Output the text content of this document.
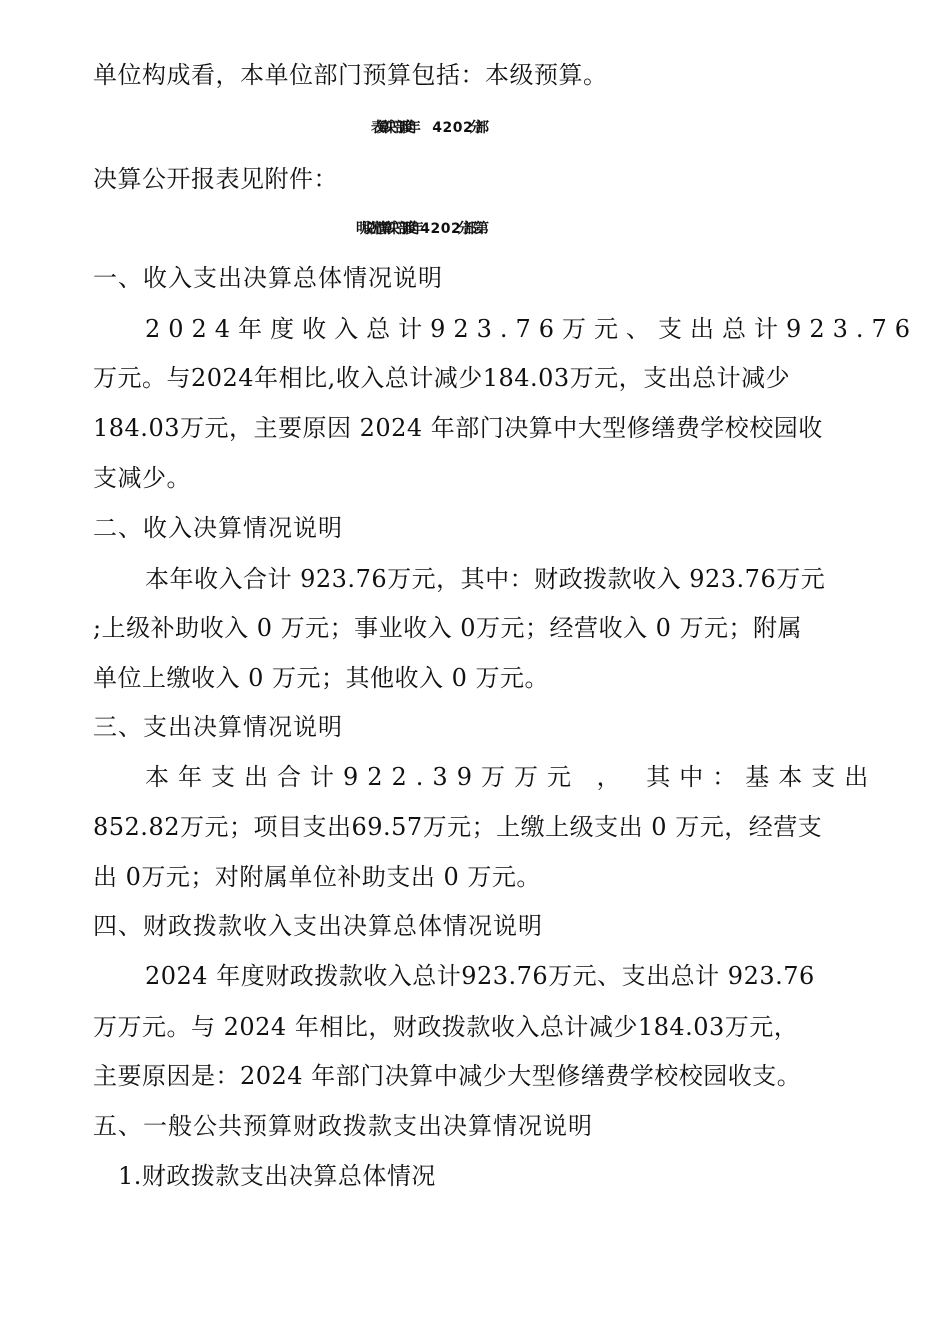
单位构成看，本单位部门预算包括：本级预算。
决算公开报表见附件：
一、收入支出决算总体情况说明
2024年度收入总计923.76万元、支出总计923.76
万元。与2024年相比,收入总计减少184.03万元，支出总计减少
184.03万元，主要原因 2024 年部门决算中大型修缮费学校校园收
支减少。
二、收入决算情况说明
本年收入合计 923.76万元，其中：财政拨款收入 923.76万元
;上级补助收入 0 万元；事业收入 0万元；经营收入 0 万元；附属
单位上缴收入 0 万元；其他收入 0 万元。
三、支出决算情况说明
本年支出合计922.39万万元 ， 其中：基本支出
852.82万元；项目支出69.57万元；上缴上级支出 0 万元，经营支
出 0万元；对附属单位补助支出 0 万元。
四、财政拨款收入支出决算总体情况说明
2024 年度财政拨款收入总计923.76万元、支出总计 923.76
万万元。与 2024 年相比，财政拨款收入总计减少184.03万元，
主要原因是：2024 年部门决算中减少大型修缮费学校校园收支。
五、一般公共预算财政拨款支出决算情况说明
1.财政拨款支出决算总体情况
